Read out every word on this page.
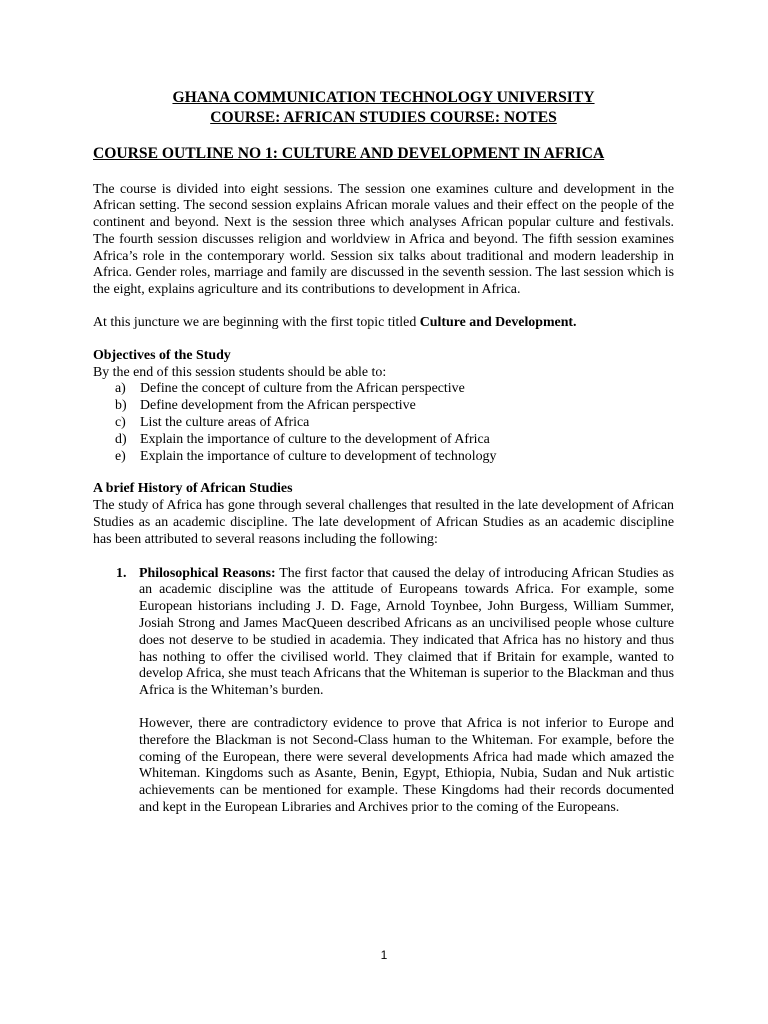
GHANA COMMUNICATION TECHNOLOGY UNIVERSITY
COURSE: AFRICAN STUDIES COURSE: NOTES
COURSE OUTLINE NO 1: CULTURE AND DEVELOPMENT IN AFRICA

The course is divided into eight sessions. The session one examines culture and development in the African setting. The second session explains African morale values and their effect on the people of the continent and beyond. Next is the session three which analyses African popular culture and festivals. The fourth session discusses religion and worldview in Africa and beyond. The fifth session examines Africa’s role in the contemporary world. Session six talks about traditional and modern leadership in Africa. Gender roles, marriage and family are discussed in the seventh session. The last session which is the eight, explains agriculture and its contributions to development in Africa.

At this juncture we are beginning with the first topic titled Culture and Development.

Objectives of the Study

By the end of this session students should be able to:

a) Define the concept of culture from the African perspective
b) Define development from the African perspective
c) List the culture areas of Africa
d) Explain the importance of culture to the development of Africa
e) Explain the importance of culture to development of technology

A brief History of African Studies

The study of Africa has gone through several challenges that resulted in the late development of African Studies as an academic discipline. The late development of African Studies as an academic discipline has been attributed to several reasons including the following:

1. Philosophical Reasons: The first factor that caused the delay of introducing African Studies as an academic discipline was the attitude of Europeans towards Africa. For example, some European historians including J. D. Fage, Arnold Toynbee, John Burgess, William Summer, Josiah Strong and James MacQueen described Africans as an uncivilised people whose culture does not deserve to be studied in academia. They indicated that Africa has no history and thus has nothing to offer the civilised world. They claimed that if Britain for example, wanted to develop Africa, she must teach Africans that the Whiteman is superior to the Blackman and thus Africa is the Whiteman’s burden.

However, there are contradictory evidence to prove that Africa is not inferior to Europe and therefore the Blackman is not Second-Class human to the Whiteman. For example, before the coming of the European, there were several developments Africa had made which amazed the Whiteman. Kingdoms such as Asante, Benin, Egypt, Ethiopia, Nubia, Sudan and Nuk artistic achievements can be mentioned for example. These Kingdoms had their records documented and kept in the European Libraries and Archives prior to the coming of the Europeans.

1
